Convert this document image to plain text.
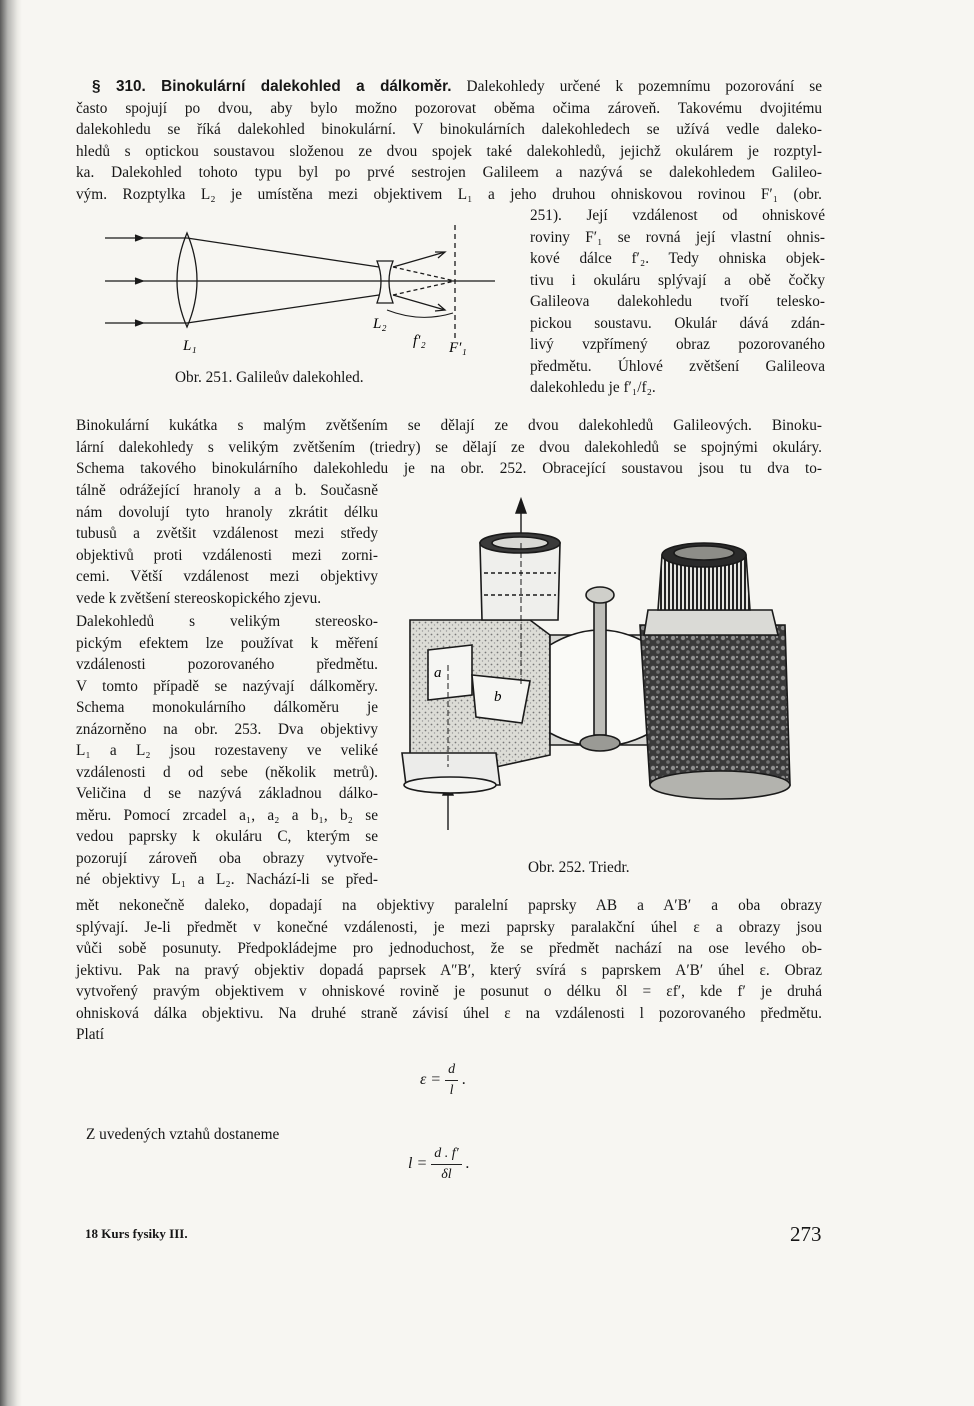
§ 310. Binokulární dalekohled a dálkoměr. Dalekohledy určené k pozemnímu pozorování se
často spojují po dvou, aby bylo možno pozorovat oběma očima zároveň. Takovému dvojitému
dalekohledu se říká dalekohled binokulární. V binokulárních dalekohledech se užívá vedle daleko-
hledů s optickou soustavou složenou ze dvou spojek také dalekohledů, jejichž okulárem je rozptyl-
ka. Dalekohled tohoto typu byl po prvé sestrojen Galileem a nazývá se dalekohledem Galileo-
vým. Rozptylka L₂ je umístěna mezi objektivem L₁ a jeho druhou ohniskovou rovinou F′₁ (obr.
251). Její vzdálenost od ohniskové
roviny F′₁ se rovná její vlastní ohnis-
kové dálce f′₂. Tedy ohniska objek-
tivu i okuláru splývají a obě čočky
Galileova dalekohledu tvoří telesko-
pickou soustavu. Okulár dává zdán-
livý vzpřímený obraz pozorovaného
předmětu. Úhlové zvětšení Galileova
dalekohledu je f′₁/f₂.
L₁
L₂
f′₂ F′₁

Obr. 251. Galileův dalekohled.

Binokulární kukátka s malým zvětšením se dělají ze dvou dalekohledů Galileových. Binoku-
lární dalekohledy s velikým zvětšením (triedry) se dělají ze dvou dalekohledů se spojnými okuláry.
Schema takového binokulárního dalekohledu je na obr. 252. Obracející soustavou jsou tu dva to-
tálně odrážející hranoly a a b. Současně
nám dovolují tyto hranoly zkrátit délku
tubusů a zvětšit vzdálenost mezi středy
objektivů proti vzdálenosti mezi zorni-
cemi. Větší vzdálenost mezi objektivy
vede k zvětšení stereoskopického zjevu.
Dalekohledů s velikým stereosko-
pickým efektem lze používat k měření
vzdálenosti pozorovaného předmětu.
V tomto případě se nazývají dálkoměry.
Schema monokulárního dálkoměru je
znázorněno na obr. 253. Dva objektivy
L₁ a L₂ jsou rozestaveny ve veliké
vzdálenosti d od sebe (několik metrů).
Veličina d se nazývá základnou dálko-
měru. Pomocí zrcadel a₁, a₂ a b₁, b₂ se
vedou paprsky k okuláru C, kterým se
pozorují zároveň oba obrazy vytvoře-
né objektivy L₁ a L₂. Nachází-li se před-
a
b

Obr. 252. Triedr.

mět nekonečně daleko, dopadají na objektivy paralelní paprsky AB a A′B′ a oba obrazy
splývají. Je-li předmět v konečné vzdálenosti, je mezi paprsky paralakční úhel ε a obrazy jsou
vůči sobě posunuty. Předpokládejme pro jednoduchost, že se předmět nachází na ose levého ob-
jektivu. Pak na pravý objektiv dopadá paprsek A″B′, který svírá s paprskem A′B′ úhel ε. Obraz
vytvořený pravým objektivem v ohniskové rovině je posunut o délku δl = εf′, kde f′ je druhá
ohnisková dálka objektivu. Na druhé straně závisí úhel ε na vzdálenosti l pozorovaného předmětu.
Platí
$\varepsilon = \frac{d}{l}$ .

Z uvedených vztahů dostaneme

$l = \frac{d . f'}{\delta l}$ .
18 Kurs fysiky III.	273
